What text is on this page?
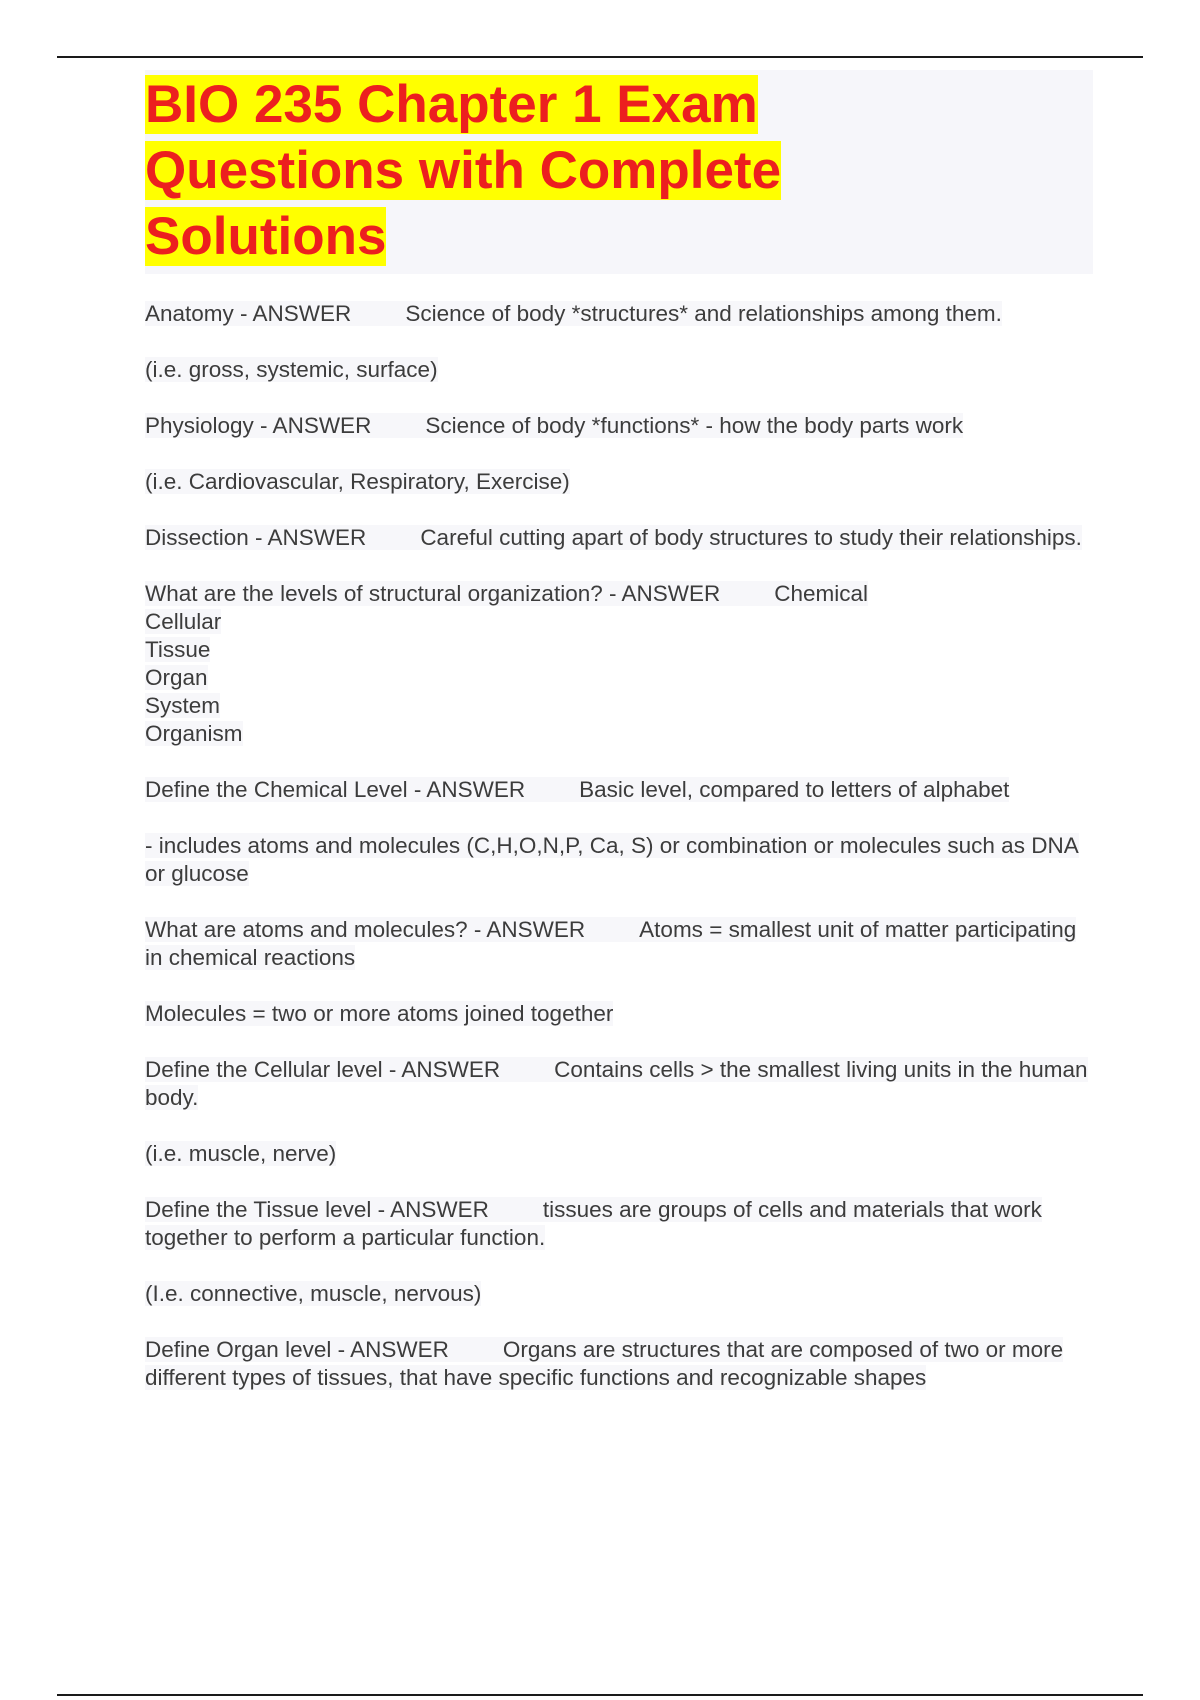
BIO 235 Chapter 1 Exam Questions with Complete Solutions

Anatomy - ANSWER Science of body *structures* and relationships among them.

(i.e. gross, systemic, surface)

Physiology - ANSWER Science of body *functions* - how the body parts work

(i.e. Cardiovascular, Respiratory, Exercise)

Dissection - ANSWER Careful cutting apart of body structures to study their relationships.

What are the levels of structural organization? - ANSWER Chemical
Cellular
Tissue
Organ
System
Organism

Define the Chemical Level - ANSWER Basic level, compared to letters of alphabet

- includes atoms and molecules (C,H,O,N,P, Ca, S) or combination or molecules such as DNA or glucose

What are atoms and molecules? - ANSWER Atoms = smallest unit of matter participating in chemical reactions

Molecules = two or more atoms joined together

Define the Cellular level - ANSWER Contains cells > the smallest living units in the human body.

(i.e. muscle, nerve)

Define the Tissue level - ANSWER tissues are groups of cells and materials that work together to perform a particular function.

(I.e. connective, muscle, nervous)

Define Organ level - ANSWER Organs are structures that are composed of two or more different types of tissues, that have specific functions and recognizable shapes
